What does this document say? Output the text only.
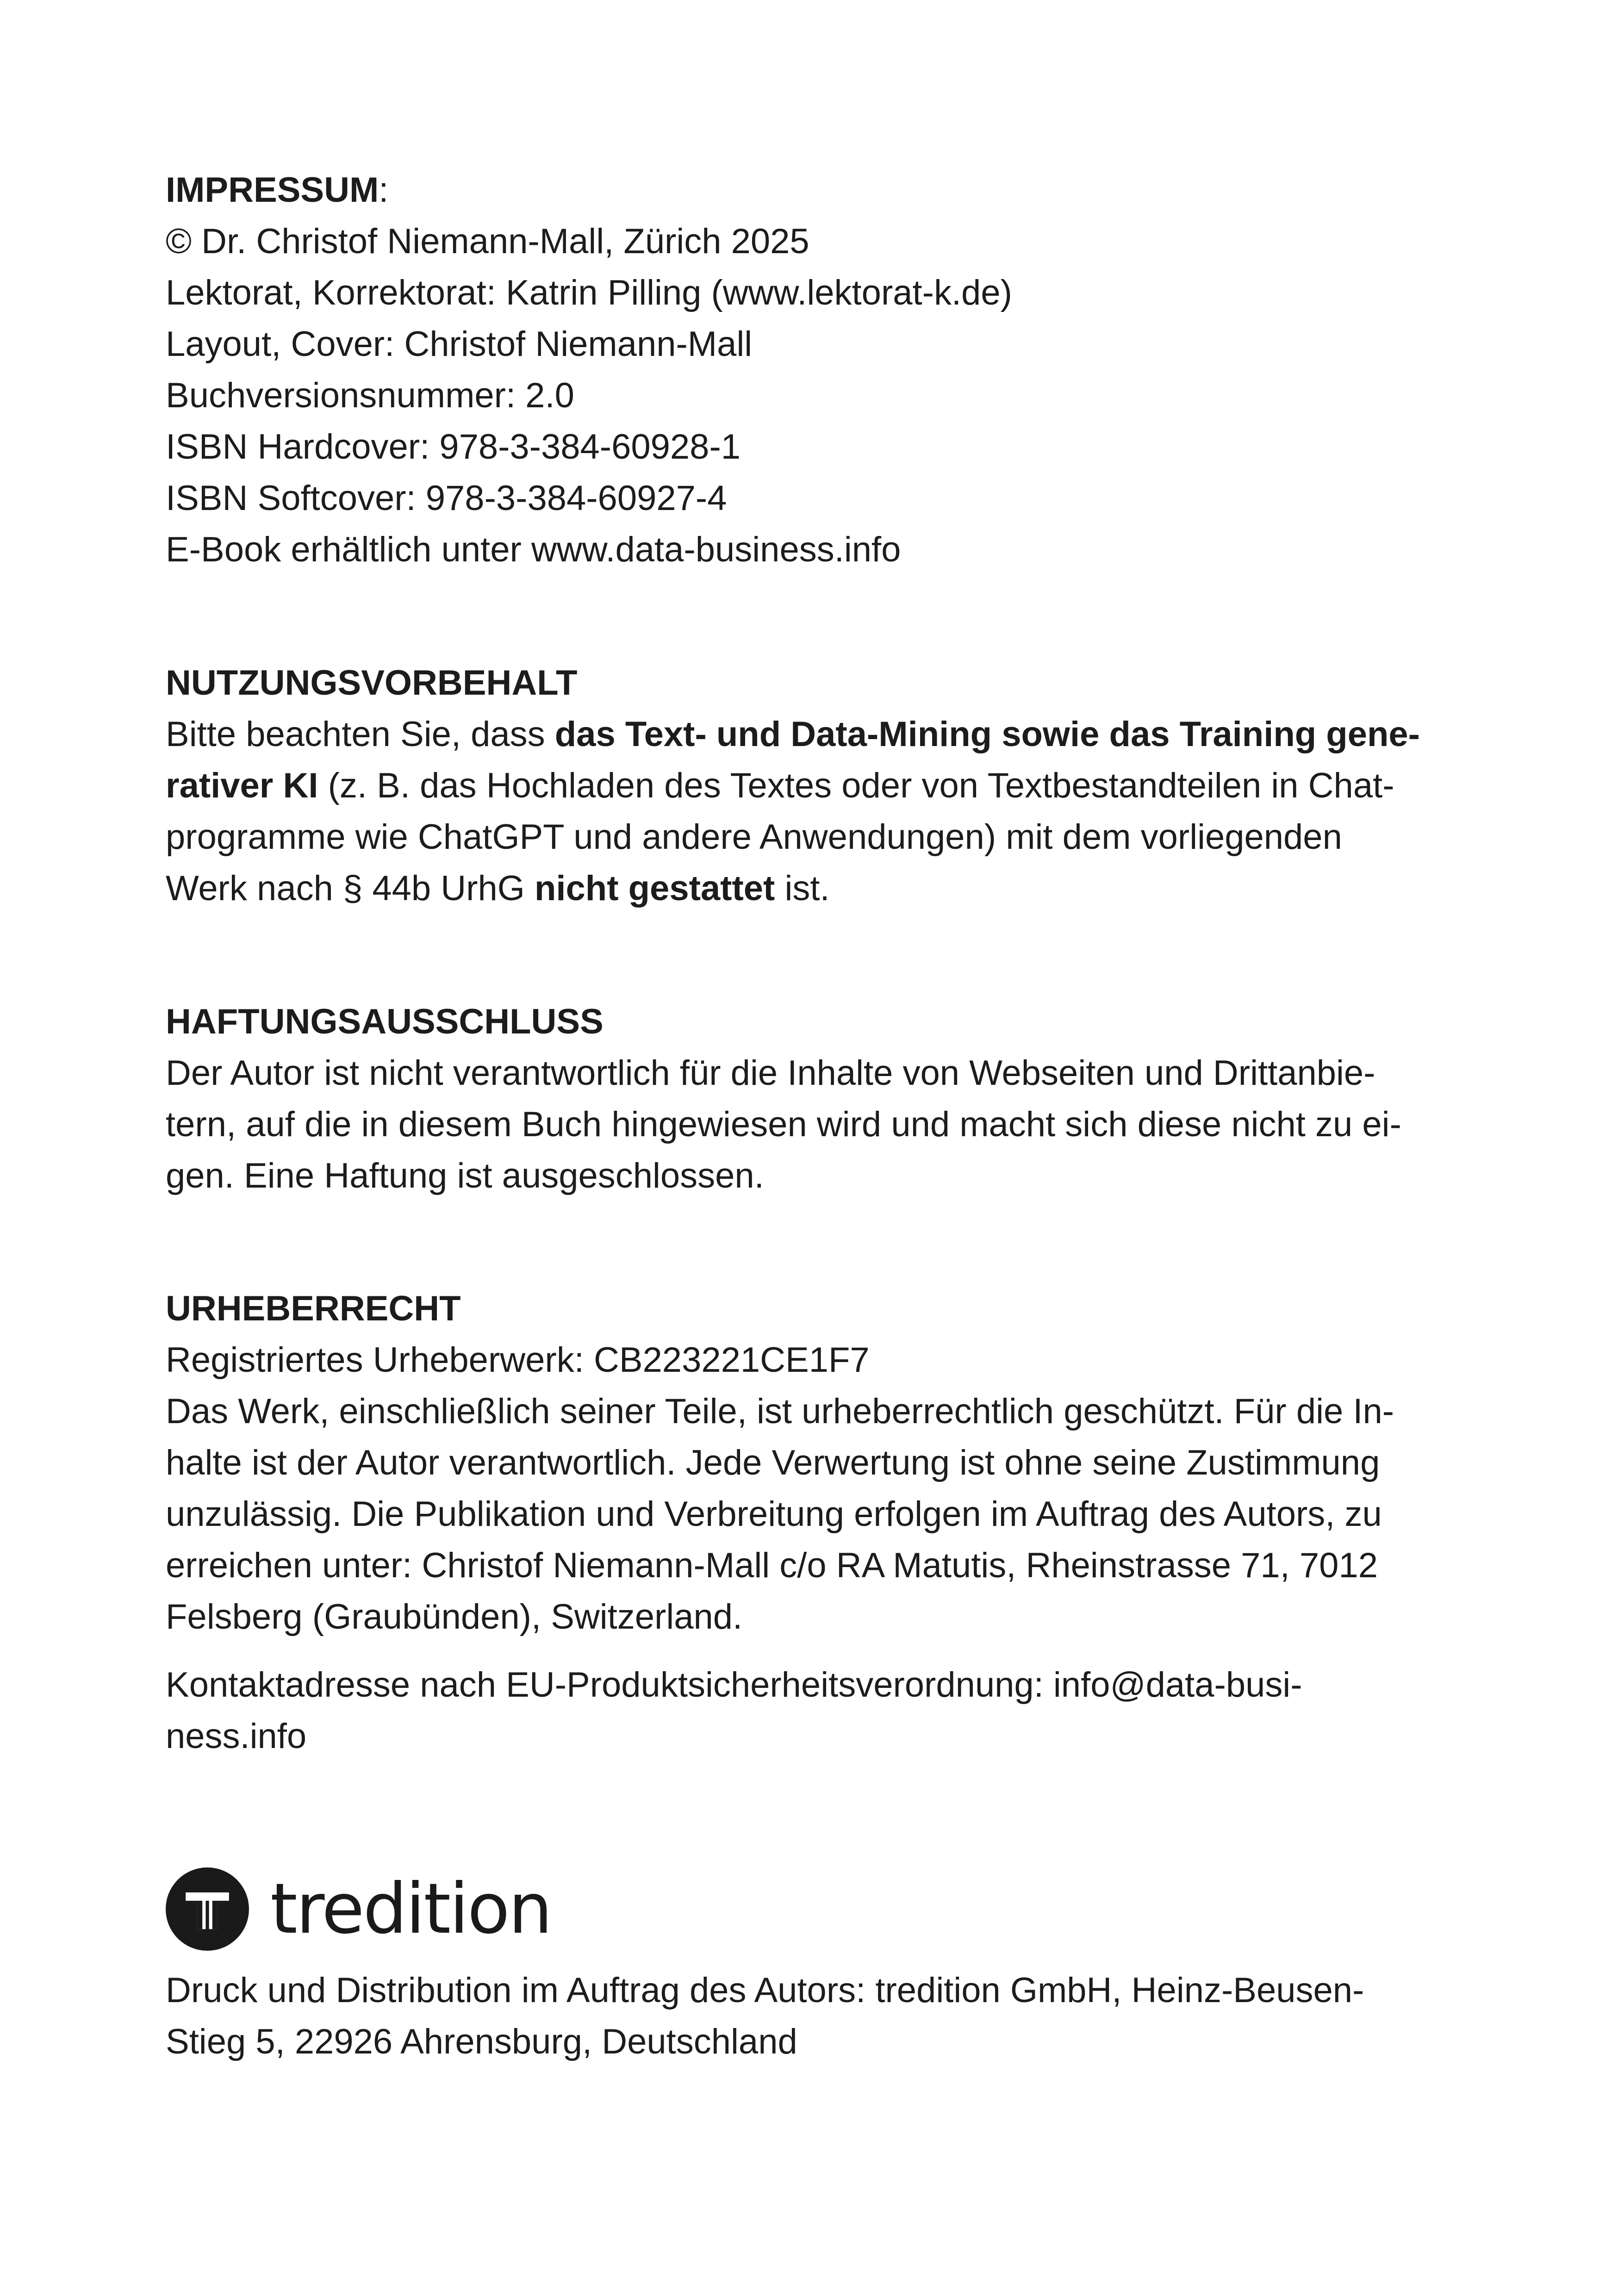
IMPRESSUM:
© Dr. Christof Niemann-Mall, Zürich 2025
Lektorat, Korrektorat: Katrin Pilling (www.lektorat-k.de)
Layout, Cover: Christof Niemann-Mall
Buchversionsnummer: 2.0
ISBN Hardcover: 978-3-384-60928-1
ISBN Softcover: 978-3-384-60927-4
E-Book erhältlich unter www.data-business.info
NUTZUNGSVORBEHALT
Bitte beachten Sie, dass das Text- und Data-Mining sowie das Training gene-
rativer KI (z. B. das Hochladen des Textes oder von Textbestandteilen in Chat-
programme wie ChatGPT und andere Anwendungen) mit dem vorliegenden
Werk nach § 44b UrhG nicht gestattet ist.
HAFTUNGSAUSSCHLUSS
Der Autor ist nicht verantwortlich für die Inhalte von Webseiten und Drittanbie-
tern, auf die in diesem Buch hingewiesen wird und macht sich diese nicht zu ei-
gen. Eine Haftung ist ausgeschlossen.
URHEBERRECHT
Registriertes Urheberwerk: CB223221CE1F7
Das Werk, einschließlich seiner Teile, ist urheberrechtlich geschützt. Für die In-
halte ist der Autor verantwortlich. Jede Verwertung ist ohne seine Zustimmung
unzulässig. Die Publikation und Verbreitung erfolgen im Auftrag des Autors, zu
erreichen unter: Christof Niemann-Mall c/o RA Matutis, Rheinstrasse 71, 7012
Felsberg (Graubünden), Switzerland.
Kontaktadresse nach EU-Produktsicherheitsverordnung: info@data-busi-
ness.info
tredition
Druck und Distribution im Auftrag des Autors: tredition GmbH, Heinz-Beusen-
Stieg 5, 22926 Ahrensburg, Deutschland
